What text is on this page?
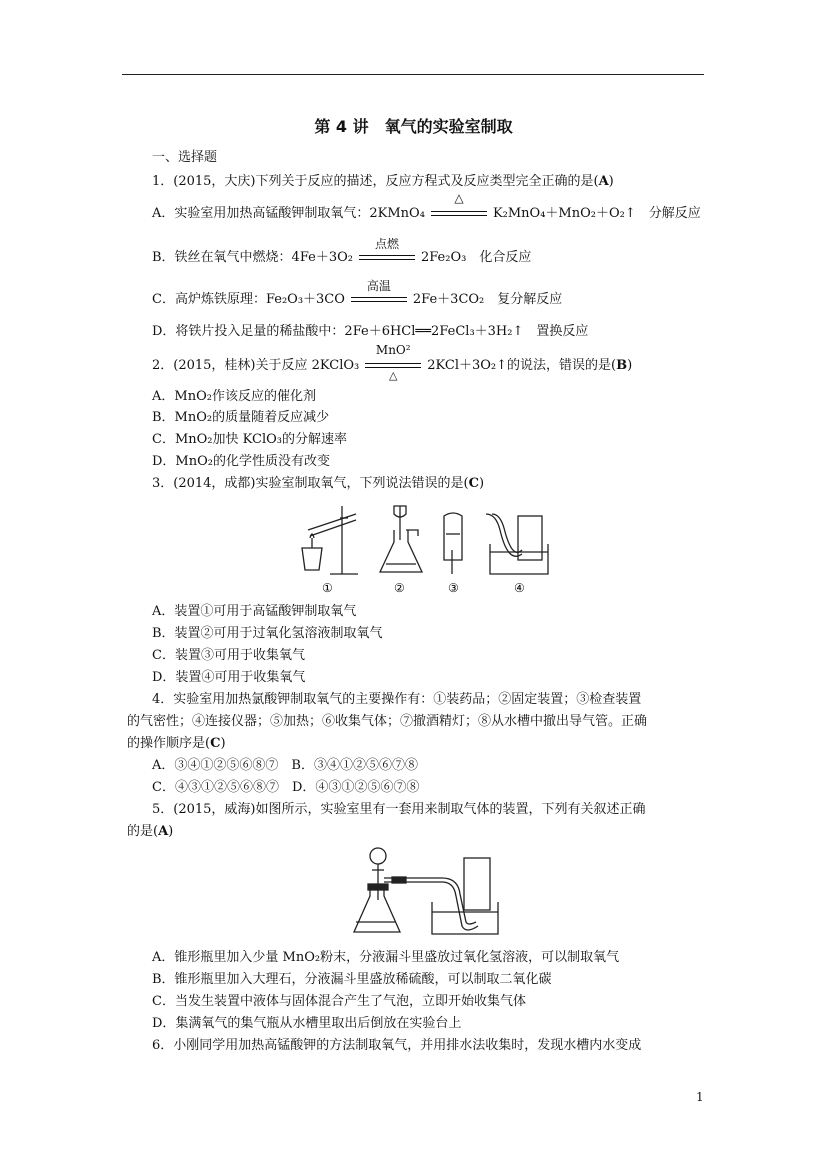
第 4 讲　氧气的实验室制取
一、选择题
1．(2015，大庆)下列关于反应的描述，反应方程式及反应类型完全正确的是(A)
A．实验室用加热高锰酸钾制取氧气：2KMnO₄
△
K₂MnO₄＋MnO₂＋O₂↑　分解反应
B．铁丝在氧气中燃烧：4Fe＋3O₂
点燃
2Fe₂O₃　化合反应
C．高炉炼铁原理：Fe₂O₃＋3CO
高温
2Fe＋3CO₂　复分解反应
D．将铁片投入足量的稀盐酸中：2Fe＋6HCl══2FeCl₃＋3H₂↑　置换反应
2．(2015，桂林)关于反应 2KClO₃
MnO²
△
2KCl＋3O₂↑的说法，错误的是(B)
A．MnO₂作该反应的催化剂
B．MnO₂的质量随着反应减少
C．MnO₂加快 KClO₃的分解速率
D．MnO₂的化学性质没有改变
3．(2014，成都)实验室制取氧气，下列说法错误的是(C)
①	②	③	④
A．装置①可用于高锰酸钾制取氧气
B．装置②可用于过氧化氢溶液制取氧气
C．装置③可用于收集氧气
D．装置④可用于收集氧气
4．实验室用加热氯酸钾制取氧气的主要操作有：①装药品；②固定装置；③检查装置
的气密性；④连接仪器；⑤加热；⑥收集气体；⑦撤酒精灯；⑧从水槽中撤出导气管。正确
的操作顺序是(C)
A．③④①②⑤⑥⑧⑦　B．③④①②⑤⑥⑦⑧
C．④③①②⑤⑥⑧⑦　D．④③①②⑤⑥⑦⑧
5．(2015，威海)如图所示，实验室里有一套用来制取气体的装置，下列有关叙述正确
的是(A)
A．锥形瓶里加入少量 MnO₂粉末，分液漏斗里盛放过氧化氢溶液，可以制取氧气
B．锥形瓶里加入大理石，分液漏斗里盛放稀硫酸，可以制取二氧化碳
C．当发生装置中液体与固体混合产生了气泡，立即开始收集气体
D．集满氧气的集气瓶从水槽里取出后倒放在实验台上
6．小刚同学用加热高锰酸钾的方法制取氧气，并用排水法收集时，发现水槽内水变成
1
